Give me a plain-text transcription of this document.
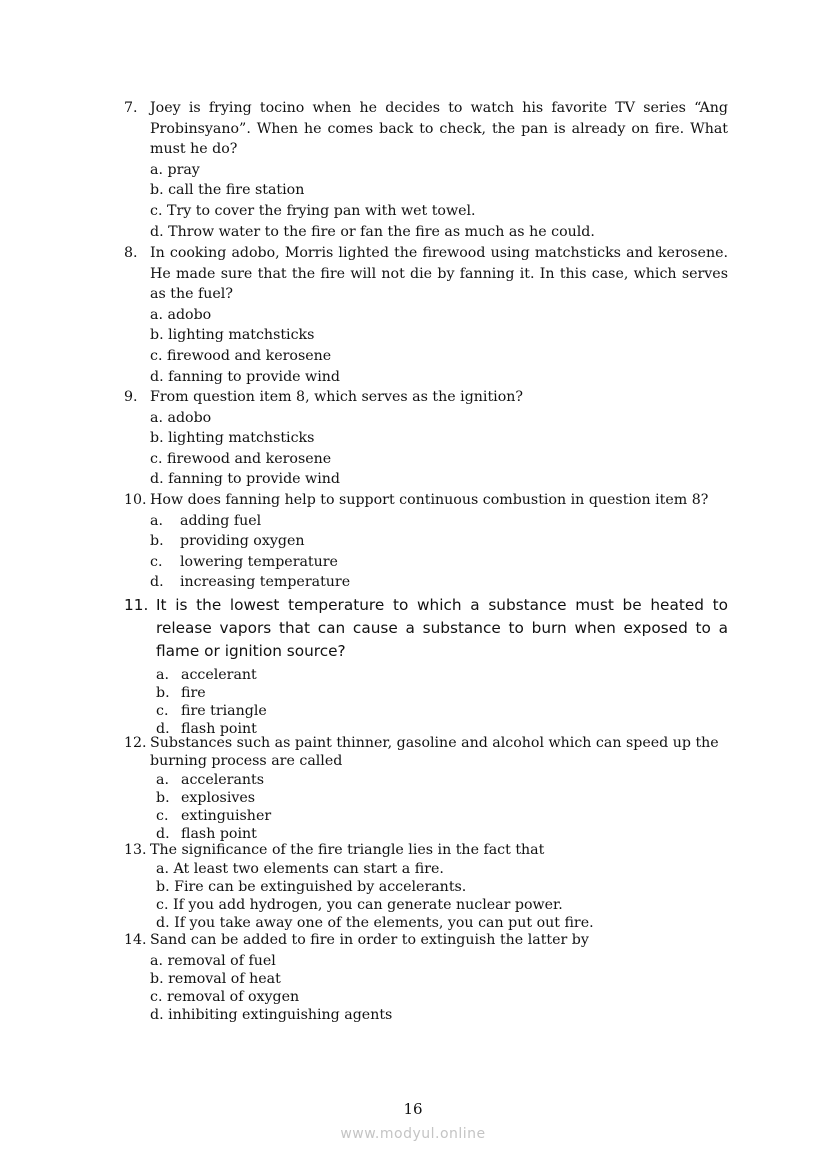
7. Joey is frying tocino when he decides to watch his favorite TV series “Ang Probinsyano”. When he comes back to check, the pan is already on fire. What must he do?
a. pray
b. call the fire station
c. Try to cover the frying pan with wet towel.
d. Throw water to the fire or fan the fire as much as he could.
8. In cooking adobo, Morris lighted the firewood using matchsticks and kerosene. He made sure that the fire will not die by fanning it. In this case, which serves as the fuel?
a. adobo
b. lighting matchsticks
c. firewood and kerosene
d. fanning to provide wind
9. From question item 8, which serves as the ignition?
a. adobo
b. lighting matchsticks
c. firewood and kerosene
d. fanning to provide wind
10. How does fanning help to support continuous combustion in question item 8?
a. adding fuel
b. providing oxygen
c. lowering temperature
d. increasing temperature
11. It is the lowest temperature to which a substance must be heated to release vapors that can cause a substance to burn when exposed to a flame or ignition source?
a. accelerant
b. fire
c. fire triangle
d. flash point
12. Substances such as paint thinner, gasoline and alcohol which can speed up the burning process are called
a. accelerants
b. explosives
c. extinguisher
d. flash point
13. The significance of the fire triangle lies in the fact that
a. At least two elements can start a fire.
b. Fire can be extinguished by accelerants.
c. If you add hydrogen, you can generate nuclear power.
d. If you take away one of the elements, you can put out fire.
14. Sand can be added to fire in order to extinguish the latter by
a. removal of fuel
b. removal of heat
c. removal of oxygen
d. inhibiting extinguishing agents
16
www.modyul.online
